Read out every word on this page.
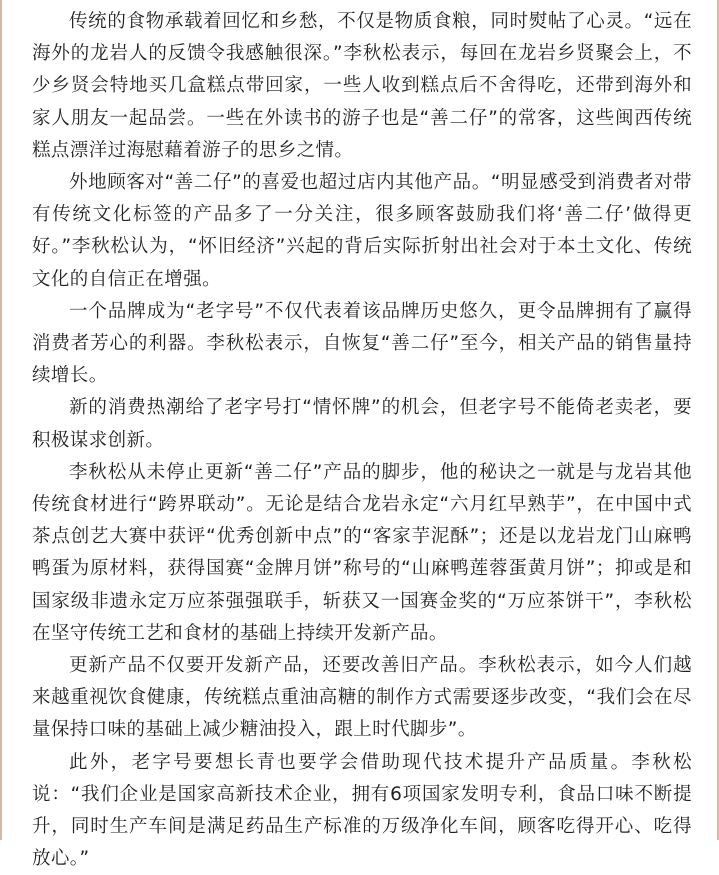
传统的食物承载着回忆和乡愁，不仅是物质食粮，同时熨帖了心灵。“远在海外的龙岩人的反馈令我感触很深。”李秋松表示，每回在龙岩乡贤聚会上，不少乡贤会特地买几盒糕点带回家，一些人收到糕点后不舍得吃，还带到海外和家人朋友一起品尝。一些在外读书的游子也是“善二仔”的常客，这些闽西传统糕点漂洋过海慰藉着游子的思乡之情。

外地顾客对“善二仔”的喜爱也超过店内其他产品。“明显感受到消费者对带有传统文化标签的产品多了一分关注，很多顾客鼓励我们将‘善二仔’做得更好。”李秋松认为，“怀旧经济”兴起的背后实际折射出社会对于本土文化、传统文化的自信正在增强。

一个品牌成为“老字号”不仅代表着该品牌历史悠久，更令品牌拥有了赢得消费者芳心的利器。李秋松表示，自恢复“善二仔”至今，相关产品的销售量持续增长。

新的消费热潮给了老字号打“情怀牌”的机会，但老字号不能倚老卖老，要积极谋求创新。

李秋松从未停止更新“善二仔”产品的脚步，他的秘诀之一就是与龙岩其他传统食材进行“跨界联动”。无论是结合龙岩永定“六月红早熟芋”，在中国中式茶点创艺大赛中获评“优秀创新中点”的“客家芋泥酥”；还是以龙岩龙门山麻鸭鸭蛋为原材料，获得国赛“金牌月饼”称号的“山麻鸭莲蓉蛋黄月饼”；抑或是和国家级非遗永定万应茶强强联手，斩获又一国赛金奖的“万应茶饼干”，李秋松在坚守传统工艺和食材的基础上持续开发新产品。

更新产品不仅要开发新产品，还要改善旧产品。李秋松表示，如今人们越来越重视饮食健康，传统糕点重油高糖的制作方式需要逐步改变，“我们会在尽量保持口味的基础上减少糖油投入，跟上时代脚步”。

此外，老字号要想长青也要学会借助现代技术提升产品质量。李秋松说：“我们企业是国家高新技术企业，拥有6项国家发明专利，食品口味不断提升，同时生产车间是满足药品生产标准的万级净化车间，顾客吃得开心、吃得放心。”
